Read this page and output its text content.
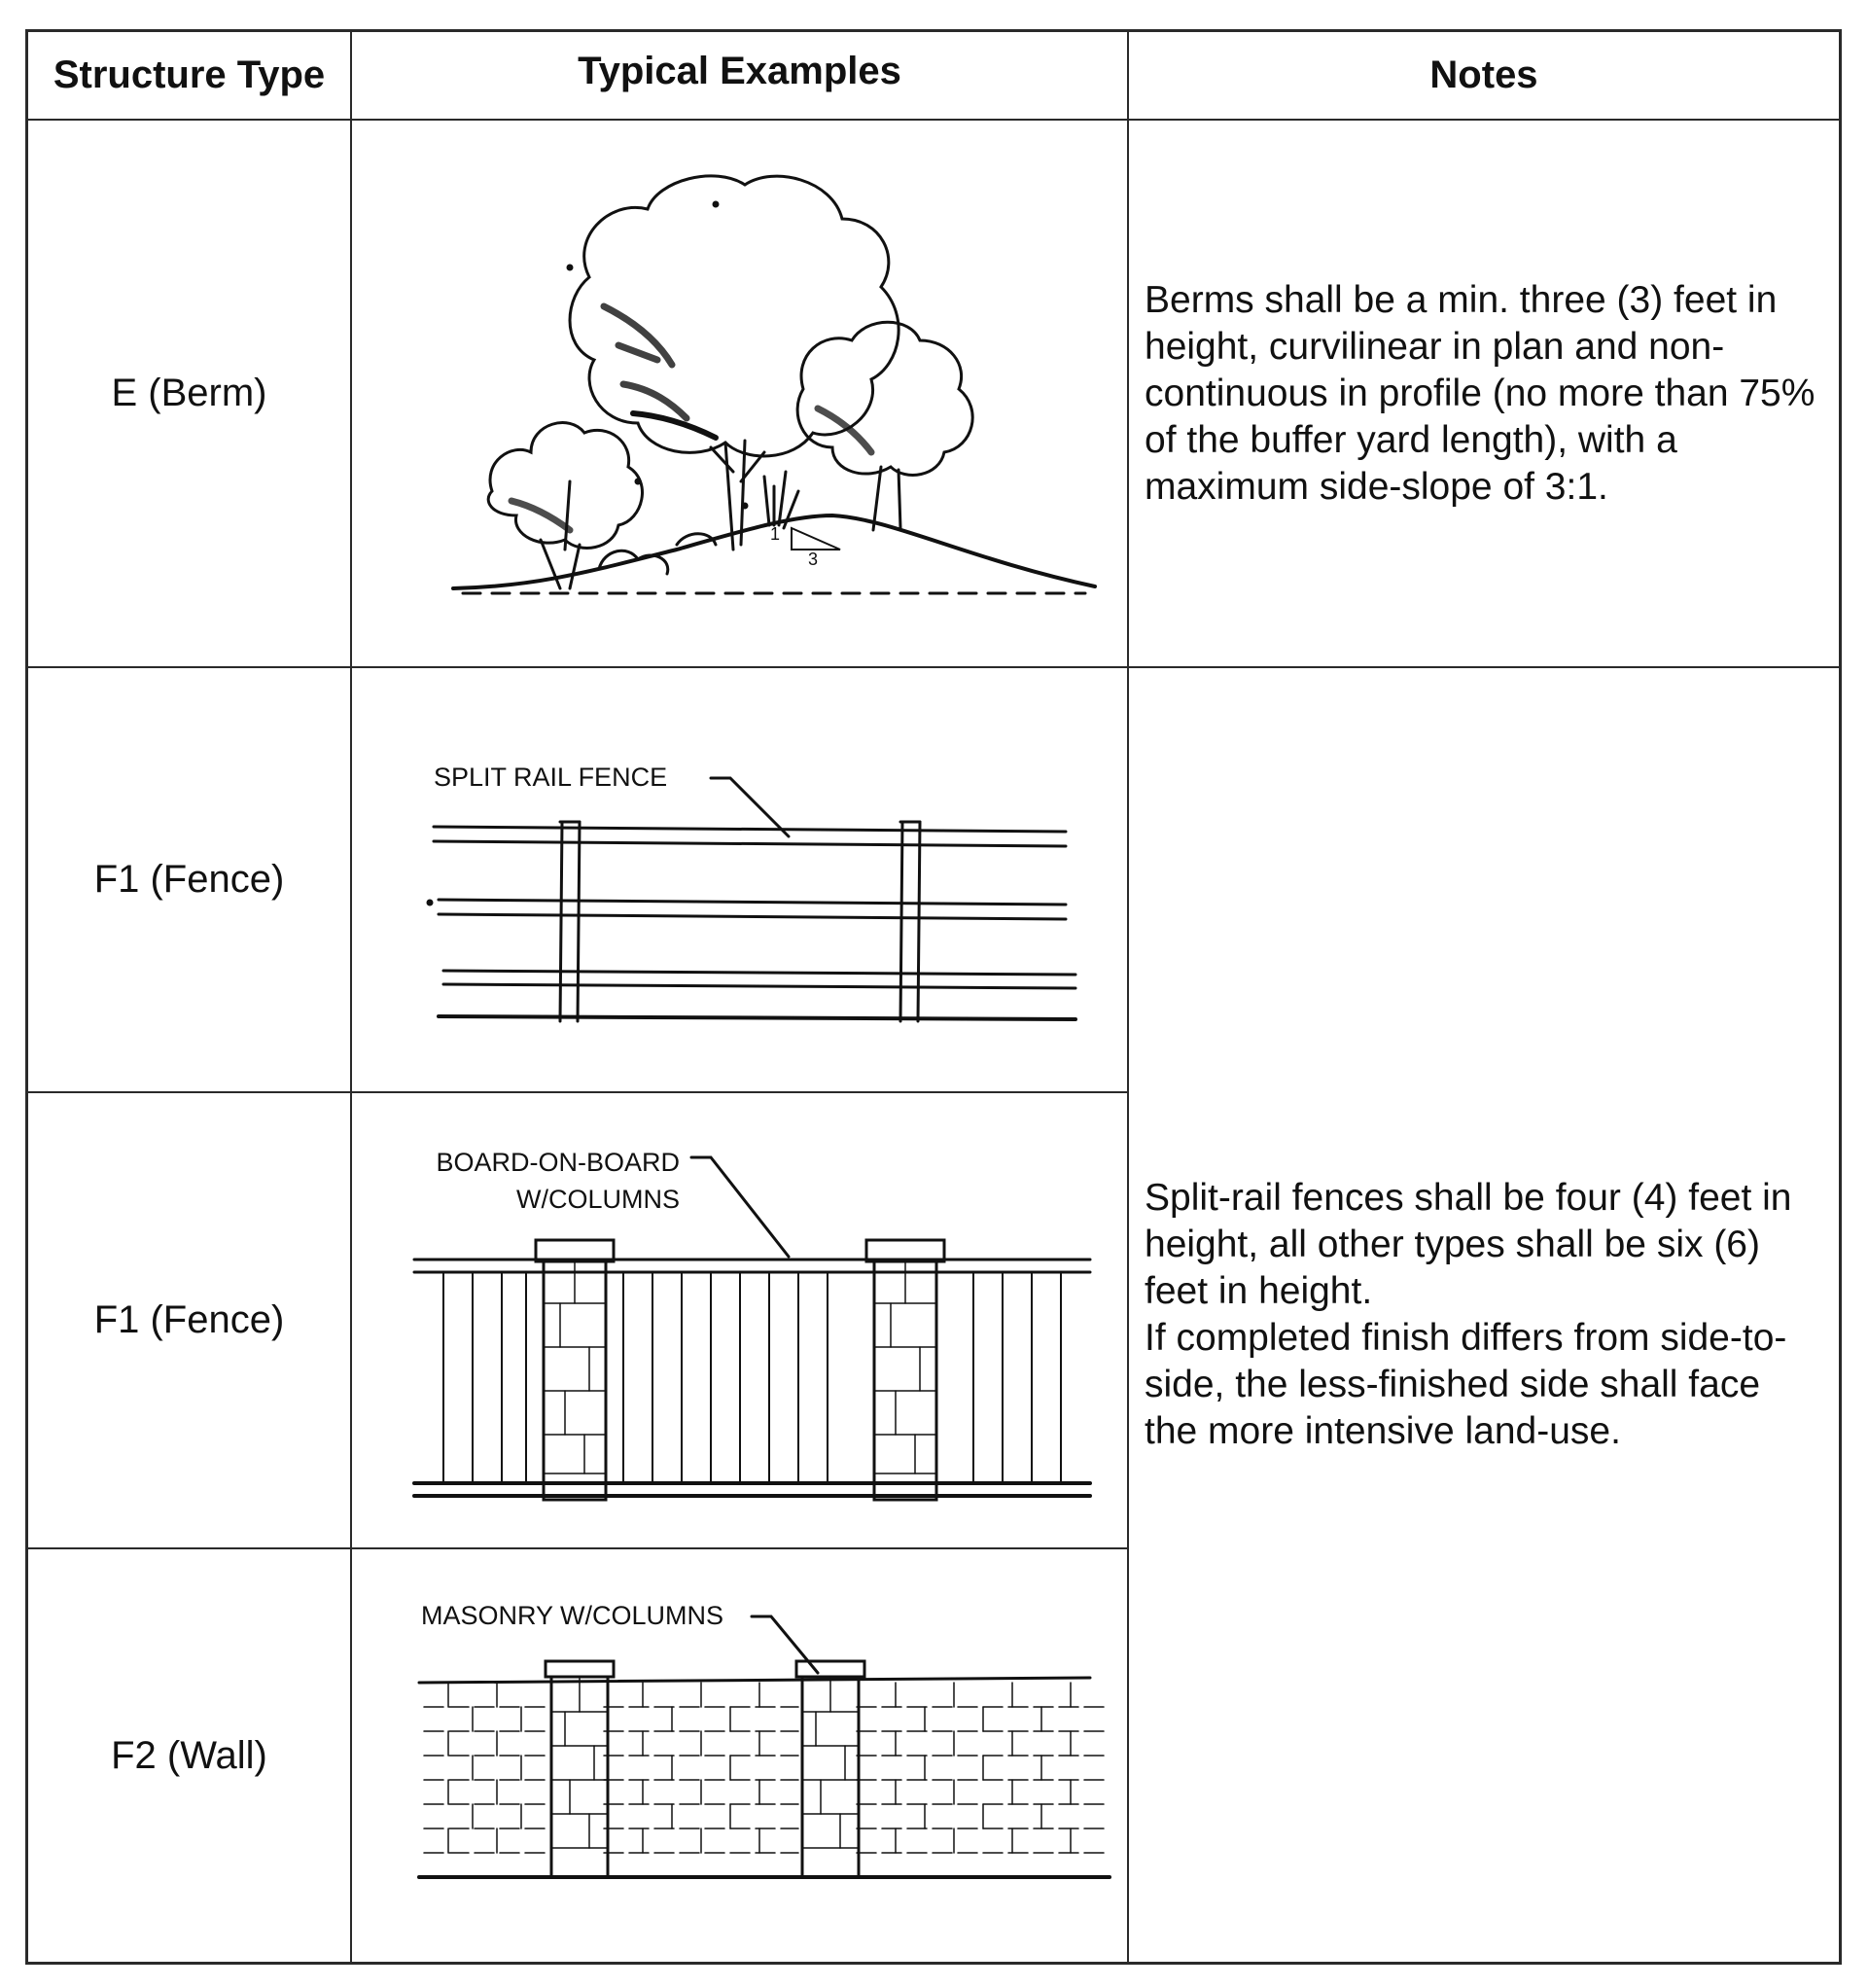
Structure Type	Typical Examples	Notes
E (Berm)
F1 (Fence)
F1 (Fence)
F2 (Wall)
Berms shall be a min. three (3) feet in height, curvilinear in plan and non-continuous in profile (no more than 75% of the buffer yard length), with a maximum side-slope of 3:1.
Split-rail fences shall be four (4) feet in height, all other types shall be six (6) feet in height.
If completed finish differs from side-to-side, the less-finished side shall face the more intensive land-use.
1
3
SPLIT RAIL FENCE
BOARD-ON-BOARD
W/COLUMNS
MASONRY W/COLUMNS
